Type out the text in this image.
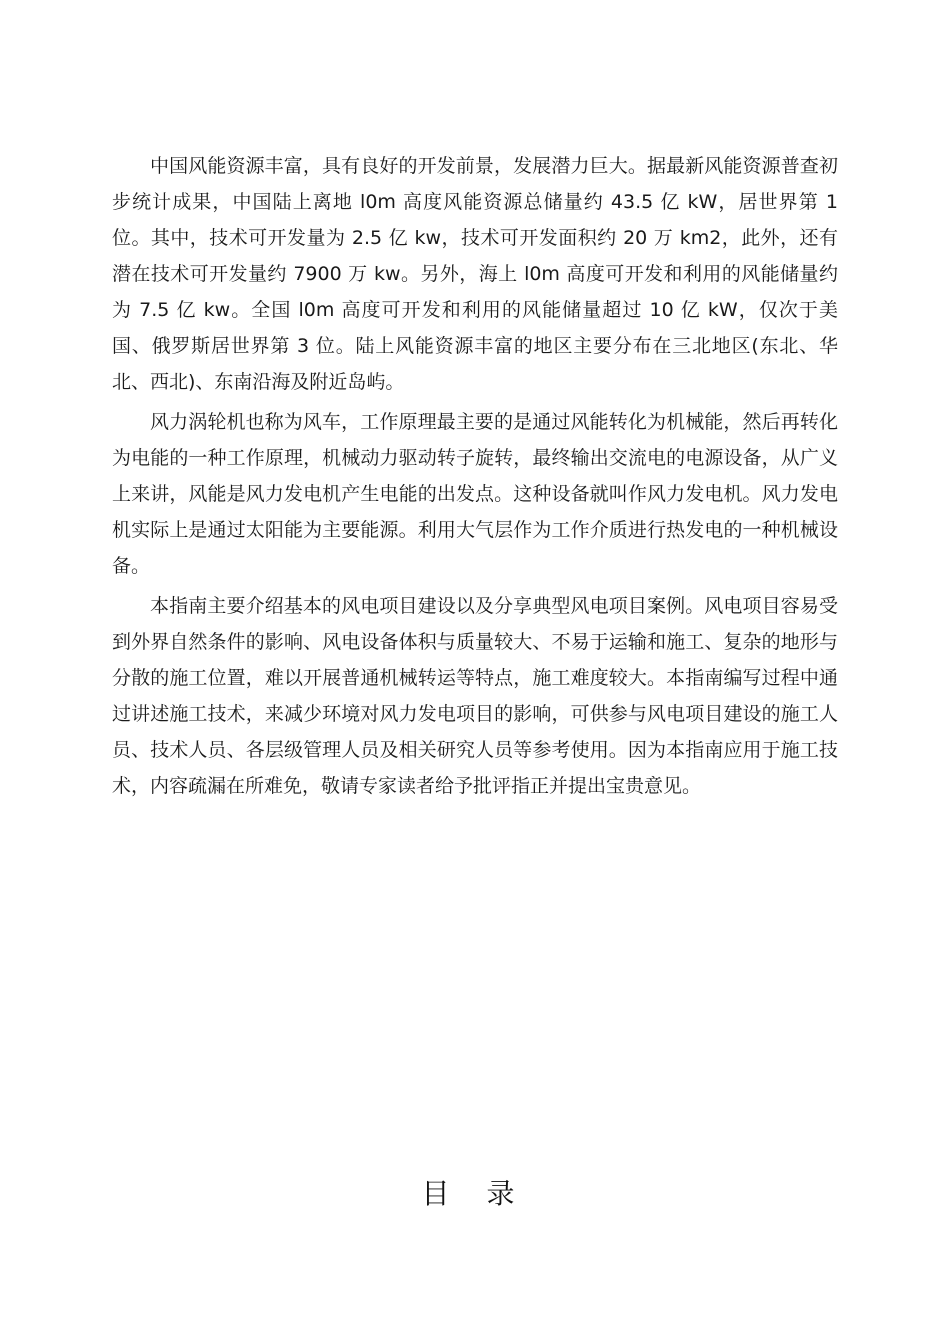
中国风能资源丰富，具有良好的开发前景，发展潜力巨大。据最新风能资源普查初步统计成果，中国陆上离地 l0m 高度风能资源总储量约 43.5 亿 kW，居世界第 1 位。其中，技术可开发量为 2.5 亿 kw，技术可开发面积约 20 万 km2，此外，还有潜在技术可开发量约 7900 万 kw。另外，海上 l0m 高度可开发和利用的风能储量约为 7.5 亿 kw。全国 l0m 高度可开发和利用的风能储量超过 10 亿 kW，仅次于美国、俄罗斯居世界第 3 位。陆上风能资源丰富的地区主要分布在三北地区(东北、华北、西北)、东南沿海及附近岛屿。

风力涡轮机也称为风车，工作原理最主要的是通过风能转化为机械能，然后再转化为电能的一种工作原理，机械动力驱动转子旋转，最终输出交流电的电源设备，从广义上来讲，风能是风力发电机产生电能的出发点。这种设备就叫作风力发电机。风力发电机实际上是通过太阳能为主要能源。利用大气层作为工作介质进行热发电的一种机械设备。

本指南主要介绍基本的风电项目建设以及分享典型风电项目案例。风电项目容易受到外界自然条件的影响、风电设备体积与质量较大、不易于运输和施工、复杂的地形与分散的施工位置，难以开展普通机械转运等特点，施工难度较大。本指南编写过程中通过讲述施工技术，来减少环境对风力发电项目的影响，可供参与风电项目建设的施工人员、技术人员、各层级管理人员及相关研究人员等参考使用。因为本指南应用于施工技术，内容疏漏在所难免，敬请专家读者给予批评指正并提出宝贵意见。

目 录
